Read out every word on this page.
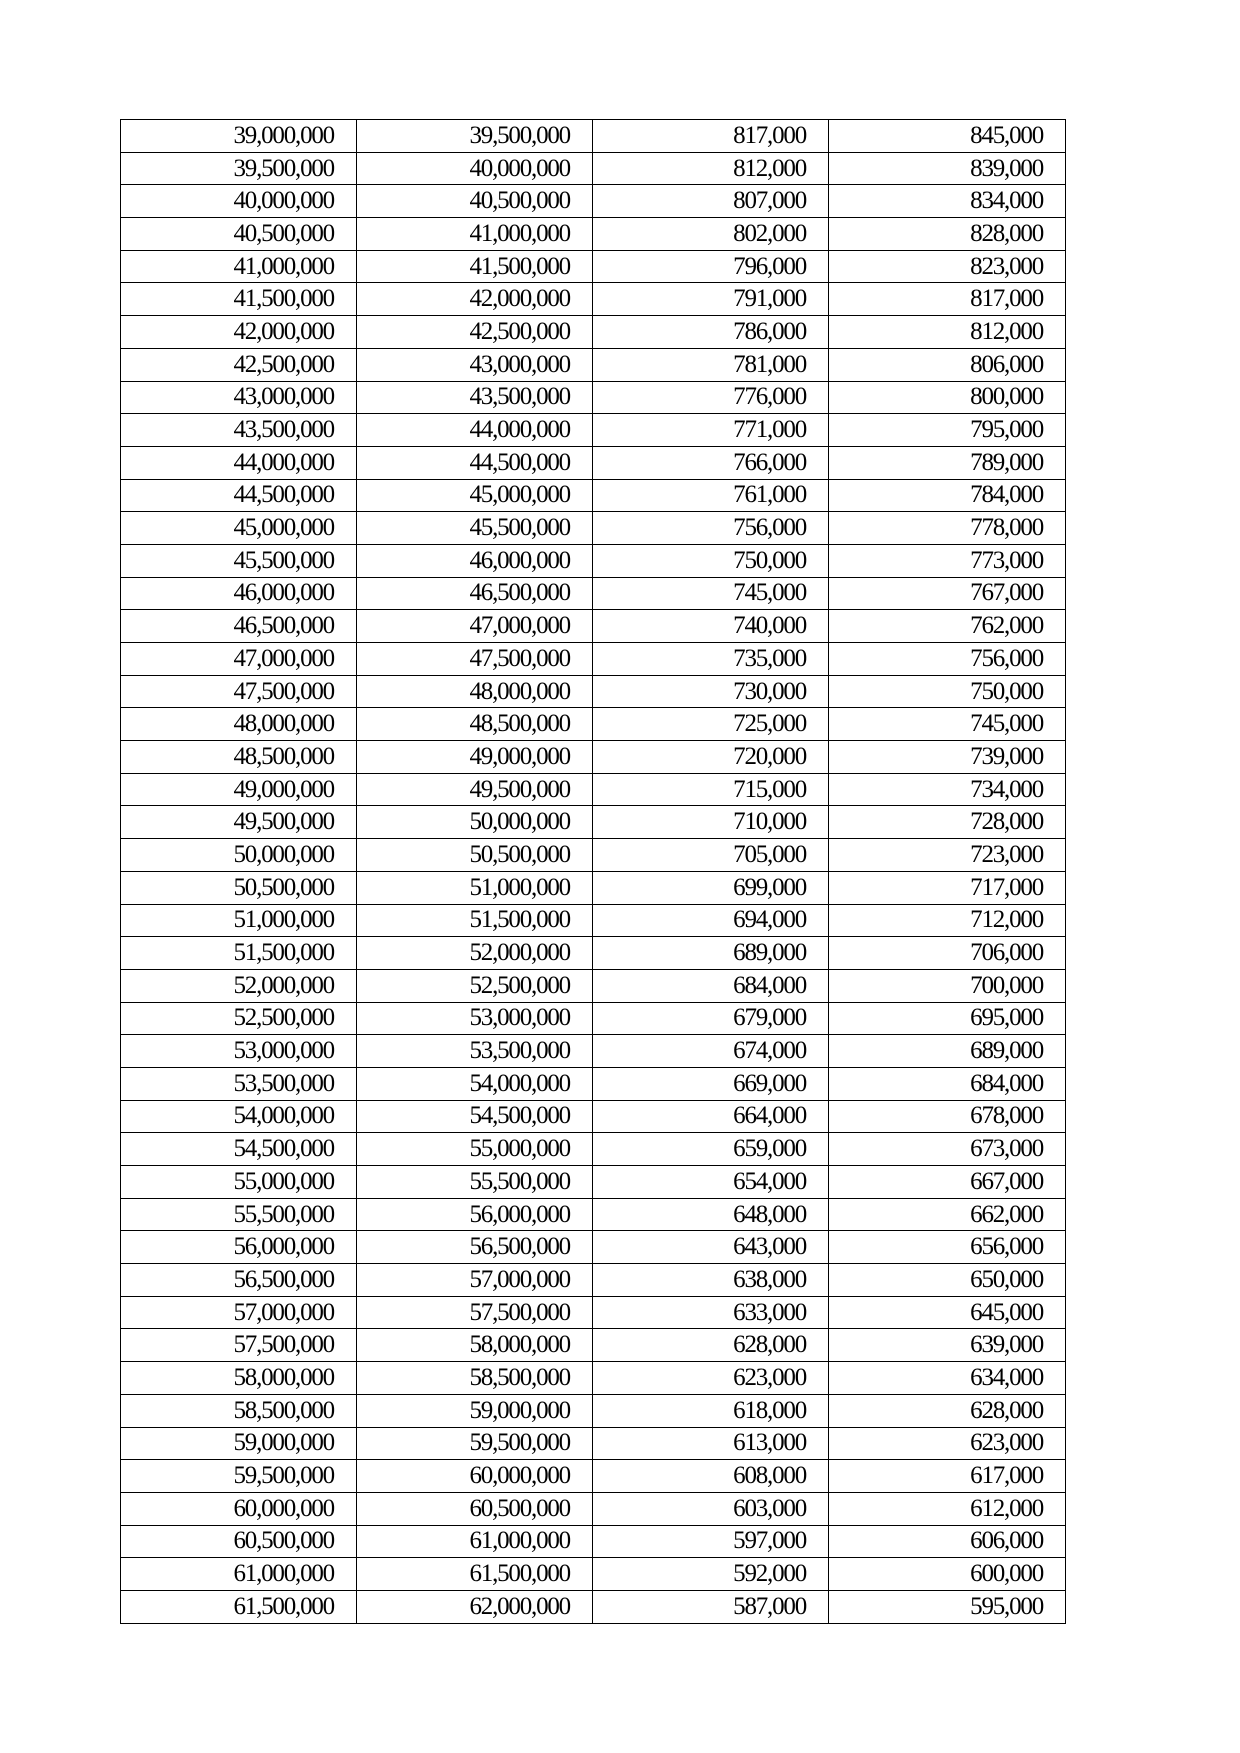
39,000,000	39,500,000	817,000	845,000
39,500,000	40,000,000	812,000	839,000
40,000,000	40,500,000	807,000	834,000
40,500,000	41,000,000	802,000	828,000
41,000,000	41,500,000	796,000	823,000
41,500,000	42,000,000	791,000	817,000
42,000,000	42,500,000	786,000	812,000
42,500,000	43,000,000	781,000	806,000
43,000,000	43,500,000	776,000	800,000
43,500,000	44,000,000	771,000	795,000
44,000,000	44,500,000	766,000	789,000
44,500,000	45,000,000	761,000	784,000
45,000,000	45,500,000	756,000	778,000
45,500,000	46,000,000	750,000	773,000
46,000,000	46,500,000	745,000	767,000
46,500,000	47,000,000	740,000	762,000
47,000,000	47,500,000	735,000	756,000
47,500,000	48,000,000	730,000	750,000
48,000,000	48,500,000	725,000	745,000
48,500,000	49,000,000	720,000	739,000
49,000,000	49,500,000	715,000	734,000
49,500,000	50,000,000	710,000	728,000
50,000,000	50,500,000	705,000	723,000
50,500,000	51,000,000	699,000	717,000
51,000,000	51,500,000	694,000	712,000
51,500,000	52,000,000	689,000	706,000
52,000,000	52,500,000	684,000	700,000
52,500,000	53,000,000	679,000	695,000
53,000,000	53,500,000	674,000	689,000
53,500,000	54,000,000	669,000	684,000
54,000,000	54,500,000	664,000	678,000
54,500,000	55,000,000	659,000	673,000
55,000,000	55,500,000	654,000	667,000
55,500,000	56,000,000	648,000	662,000
56,000,000	56,500,000	643,000	656,000
56,500,000	57,000,000	638,000	650,000
57,000,000	57,500,000	633,000	645,000
57,500,000	58,000,000	628,000	639,000
58,000,000	58,500,000	623,000	634,000
58,500,000	59,000,000	618,000	628,000
59,000,000	59,500,000	613,000	623,000
59,500,000	60,000,000	608,000	617,000
60,000,000	60,500,000	603,000	612,000
60,500,000	61,000,000	597,000	606,000
61,000,000	61,500,000	592,000	600,000
61,500,000	62,000,000	587,000	595,000
